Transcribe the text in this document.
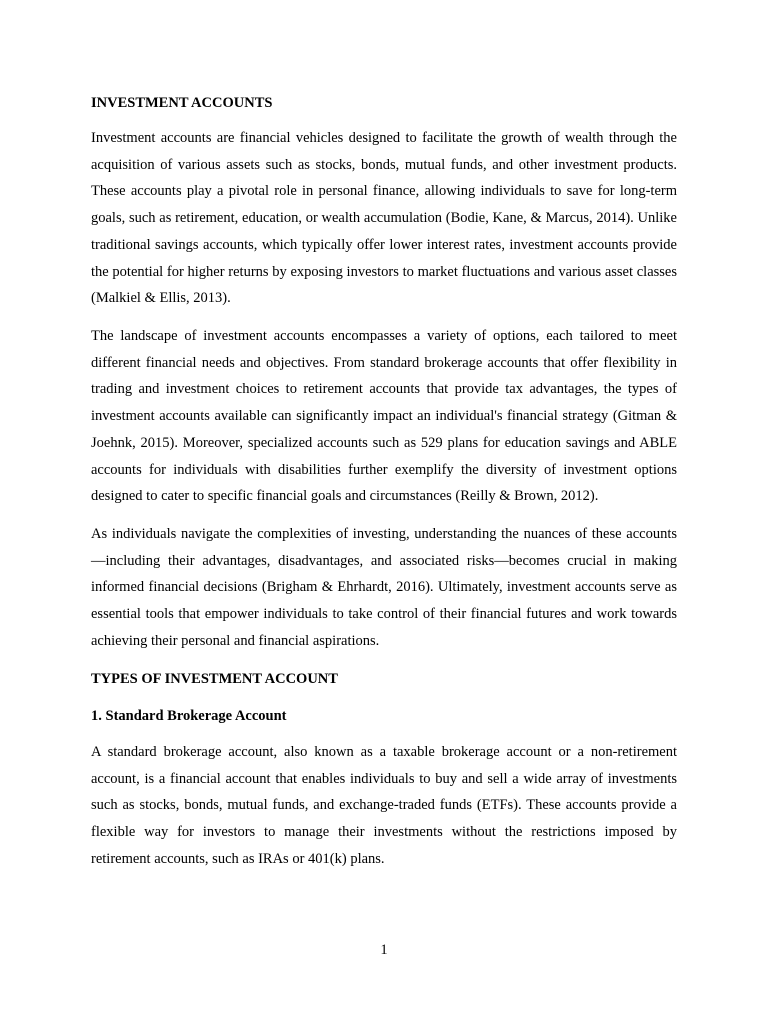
INVESTMENT ACCOUNTS

Investment accounts are financial vehicles designed to facilitate the growth of wealth through the acquisition of various assets such as stocks, bonds, mutual funds, and other investment products. These accounts play a pivotal role in personal finance, allowing individuals to save for long-term goals, such as retirement, education, or wealth accumulation (Bodie, Kane, & Marcus, 2014). Unlike traditional savings accounts, which typically offer lower interest rates, investment accounts provide the potential for higher returns by exposing investors to market fluctuations and various asset classes (Malkiel & Ellis, 2013).

The landscape of investment accounts encompasses a variety of options, each tailored to meet different financial needs and objectives. From standard brokerage accounts that offer flexibility in trading and investment choices to retirement accounts that provide tax advantages, the types of investment accounts available can significantly impact an individual's financial strategy (Gitman & Joehnk, 2015). Moreover, specialized accounts such as 529 plans for education savings and ABLE accounts for individuals with disabilities further exemplify the diversity of investment options designed to cater to specific financial goals and circumstances (Reilly & Brown, 2012).

As individuals navigate the complexities of investing, understanding the nuances of these accounts—including their advantages, disadvantages, and associated risks—becomes crucial in making informed financial decisions (Brigham & Ehrhardt, 2016). Ultimately, investment accounts serve as essential tools that empower individuals to take control of their financial futures and work towards achieving their personal and financial aspirations.

TYPES OF INVESTMENT ACCOUNT
1. Standard Brokerage Account

A standard brokerage account, also known as a taxable brokerage account or a non-retirement account, is a financial account that enables individuals to buy and sell a wide array of investments such as stocks, bonds, mutual funds, and exchange-traded funds (ETFs). These accounts provide a flexible way for investors to manage their investments without the restrictions imposed by retirement accounts, such as IRAs or 401(k) plans.

1
